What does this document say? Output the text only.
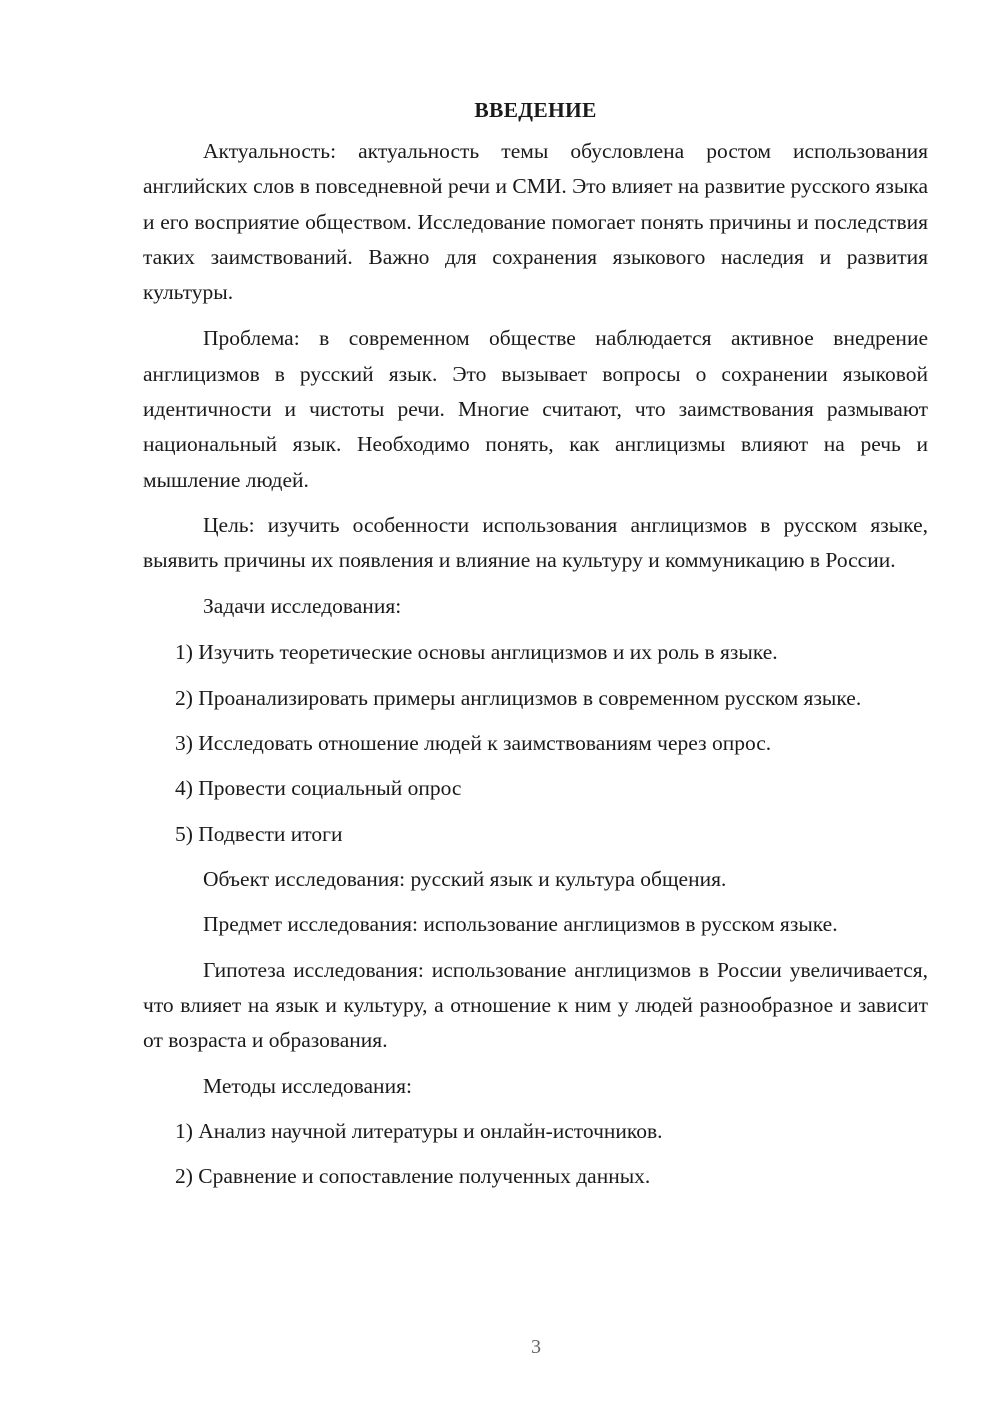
ВВЕДЕНИЕ

Актуальность: актуальность темы обусловлена ростом использования английских слов в повседневной речи и СМИ. Это влияет на развитие русского языка и его восприятие обществом. Исследование помогает понять причины и последствия таких заимствований. Важно для сохранения языкового наследия и развития культуры.

Проблема: в современном обществе наблюдается активное внедрение англицизмов в русский язык. Это вызывает вопросы о сохранении языковой идентичности и чистоты речи. Многие считают, что заимствования размывают национальный язык. Необходимо понять, как англицизмы влияют на речь и мышление людей.

Цель: изучить особенности использования англицизмов в русском языке, выявить причины их появления и влияние на культуру и коммуникацию в России.

Задачи исследования:

1) Изучить теоретические основы англицизмов и их роль в языке.

2) Проанализировать примеры англицизмов в современном русском языке.

3) Исследовать отношение людей к заимствованиям через опрос.

4) Провести социальный опрос

5) Подвести итоги

Объект исследования: русский язык и культура общения.

Предмет исследования: использование англицизмов в русском языке.

Гипотеза исследования: использование англицизмов в России увеличивается, что влияет на язык и культуру, а отношение к ним у людей разнообразное и зависит от возраста и образования.

Методы исследования:

1) Анализ научной литературы и онлайн-источников.

2) Сравнение и сопоставление полученных данных.

3
